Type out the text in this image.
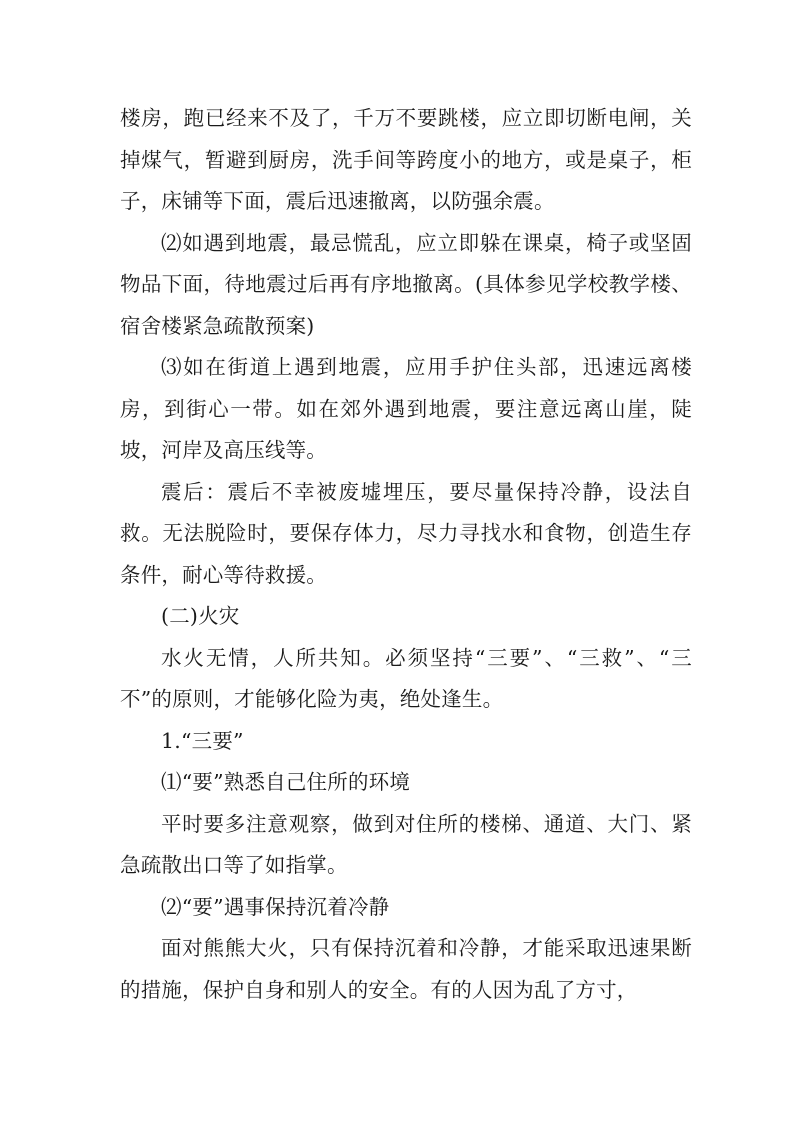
楼房，跑已经来不及了，千万不要跳楼，应立即切断电闸，关掉煤气，暂避到厨房，洗手间等跨度小的地方，或是桌子，柜子，床铺等下面，震后迅速撤离，以防强余震。

⑵如遇到地震，最忌慌乱，应立即躲在课桌，椅子或坚固物品下面，待地震过后再有序地撤离。(具体参见学校教学楼、宿舍楼紧急疏散预案)

⑶如在街道上遇到地震，应用手护住头部，迅速远离楼房，到街心一带。如在郊外遇到地震，要注意远离山崖，陡坡，河岸及高压线等。

震后：震后不幸被废墟埋压，要尽量保持冷静，设法自救。无法脱险时，要保存体力，尽力寻找水和食物，创造生存条件，耐心等待救援。

(二)火灾

水火无情，人所共知。必须坚持“三要”、“三救”、“三不”的原则，才能够化险为夷，绝处逢生。

1.“三要”

⑴“要”熟悉自己住所的环境

平时要多注意观察，做到对住所的楼梯、通道、大门、紧急疏散出口等了如指掌。

⑵“要”遇事保持沉着冷静

面对熊熊大火，只有保持沉着和冷静，才能采取迅速果断的措施，保护自身和别人的安全。有的人因为乱了方寸，
